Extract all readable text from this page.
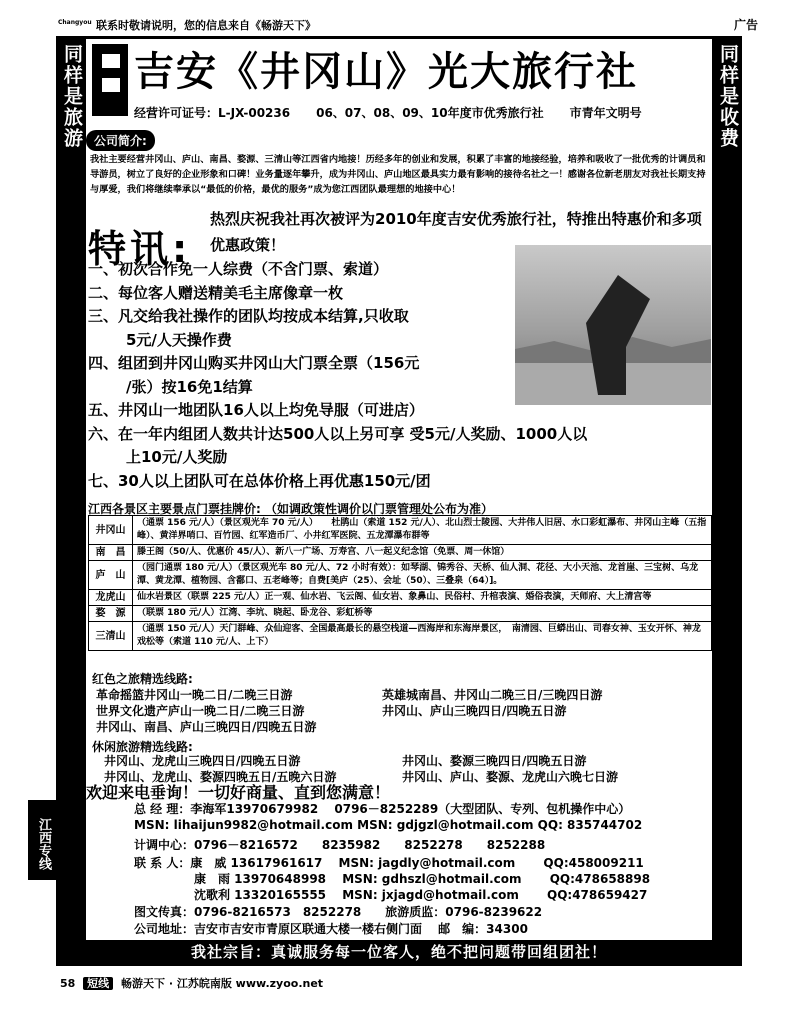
Changyou 联系时敬请说明，您的信息来自《畅游天下》	广告
同样是旅游
光大力求更加完美
同样是服务	同样是收费
光大力求更加合理
同样是承诺
光大力求更加诚信
江西专线
吉安《井冈山》光大旅行社
经营许可证号：L-JX-00236 06、07、08、09、10年度市优秀旅行社 市青年文明号
公司简介:
我社主要经营井冈山、庐山、南昌、婺源、三清山等江西省内地接！历经多年的创业和发展，积累了丰富的地接经验，培养和吸收了一批优秀的计调员和导游员，树立了良好的企业形象和口碑！业务量逐年攀升，成为井冈山、庐山地区最具实力最有影响的接待名社之一！感谢各位新老朋友对我社长期支持与厚爱，我们将继续奉承以“最低的价格，最优的服务”成为您江西团队最理想的地接中心！
特讯:
热烈庆祝我社再次被评为2010年度吉安优秀旅行社，特推出特惠价和多项优惠政策！
一、初次合作免一人综费（不含门票、索道）
二、每位客人赠送精美毛主席像章一枚
三、凡交给我社操作的团队均按成本结算,只收取
5元/人天操作费
四、组团到井冈山购买井冈山大门票全票（156元
/张）按16免1结算
五、井冈山一地团队16人以上均免导服（可进店）
六、在一年内组团人数共计达500人以上另可享 受5元/人奖励、1000人以
上10元/人奖励
七、30人以上团队可在总体价格上再优惠150元/团
江西各景区主要景点门票挂牌价: （如调政策性调价以门票管理处公布为准）
井冈山	（通票 156 元/人）（景区观光车 70 元/人）　　杜鹃山（索道 152 元/人）、北山烈士陵园、大井伟人旧居、水口彩虹瀑布、井冈山主峰（五指峰）、黄洋界哨口、百竹园、红军造币厂、小井红军医院、五龙潭瀑布群等
南　昌	滕王阁（50/人、优惠价 45/人）、新八一广场、万寿宫、八一起义纪念馆（免票、周一休馆）
庐　山	（园门通票 180 元/人）（景区观光车 80 元/人、72 小时有效）：如琴湖、锦秀谷、天桥、仙人洞、花径、大小天池、龙首崖、三宝树、乌龙潭、黄龙潭、植物园、含鄱口、五老峰等；自费[美庐（25）、会址（50）、三叠泉（64）]。
龙虎山	仙水岩景区（联票 225 元/人）正一观、仙水岩、飞云阁、仙女岩、象鼻山、民俗村、升棺表演、婚俗表演，天师府、大上清宫等
婺　源	（联票 180 元/人）江湾、李坑、晓起、卧龙谷、彩虹桥等
三清山	（通票 150 元/人）天门群峰、众仙迎客、全国最高最长的悬空栈道—西海岸和东海岸景区，　南清园、巨蟒出山、司春女神、玉女开怀、神龙戏松等（索道 110 元/人、上下）
红色之旅精选线路:
革命摇篮井冈山一晚二日/二晚三日游	英雄城南昌、井冈山二晚三日/三晚四日游
世界文化遗产庐山一晚二日/二晚三日游	井冈山、庐山三晚四日/四晚五日游
井冈山、南昌、庐山三晚四日/四晚五日游
休闲旅游精选线路:
井冈山、龙虎山三晚四日/四晚五日游	井冈山、婺源三晚四日/四晚五日游
井冈山、龙虎山、婺源四晚五日/五晚六日游	井冈山、庐山、婺源、龙虎山六晚七日游
欢迎来电垂询！一切好商量、直到您满意！
总 经 理：李海军13970679982　 0796－8252289（大型团队、专列、包机操作中心）
MSN: lihaijun9982@hotmail.com MSN: gdjgzl@hotmail.com QQ: 835744702
计调中心：0796－8216572　　8235982　　8252278　　8252288
联 系 人：康　威 13617961617　 MSN: jagdly@hotmail.com　　 QQ:458009211
　　　　　康　雨 13970648998　 MSN: gdhszl@hotmail.com　　 QQ:478658898
　　　　　沈歌利 13320165555　 MSN: jxjagd@hotmail.com　　 QQ:478659427
图文传真：0796-8216573　8252278　　旅游质监：0796-8239622
公司地址：吉安市吉安市青原区联通大楼一楼右侧门面　 邮　编：34300
我社宗旨：真诚服务每一位客人，绝不把问题带回组团社！
58 短线 畅游天下 · 江苏皖南版 www.zyoo.net
